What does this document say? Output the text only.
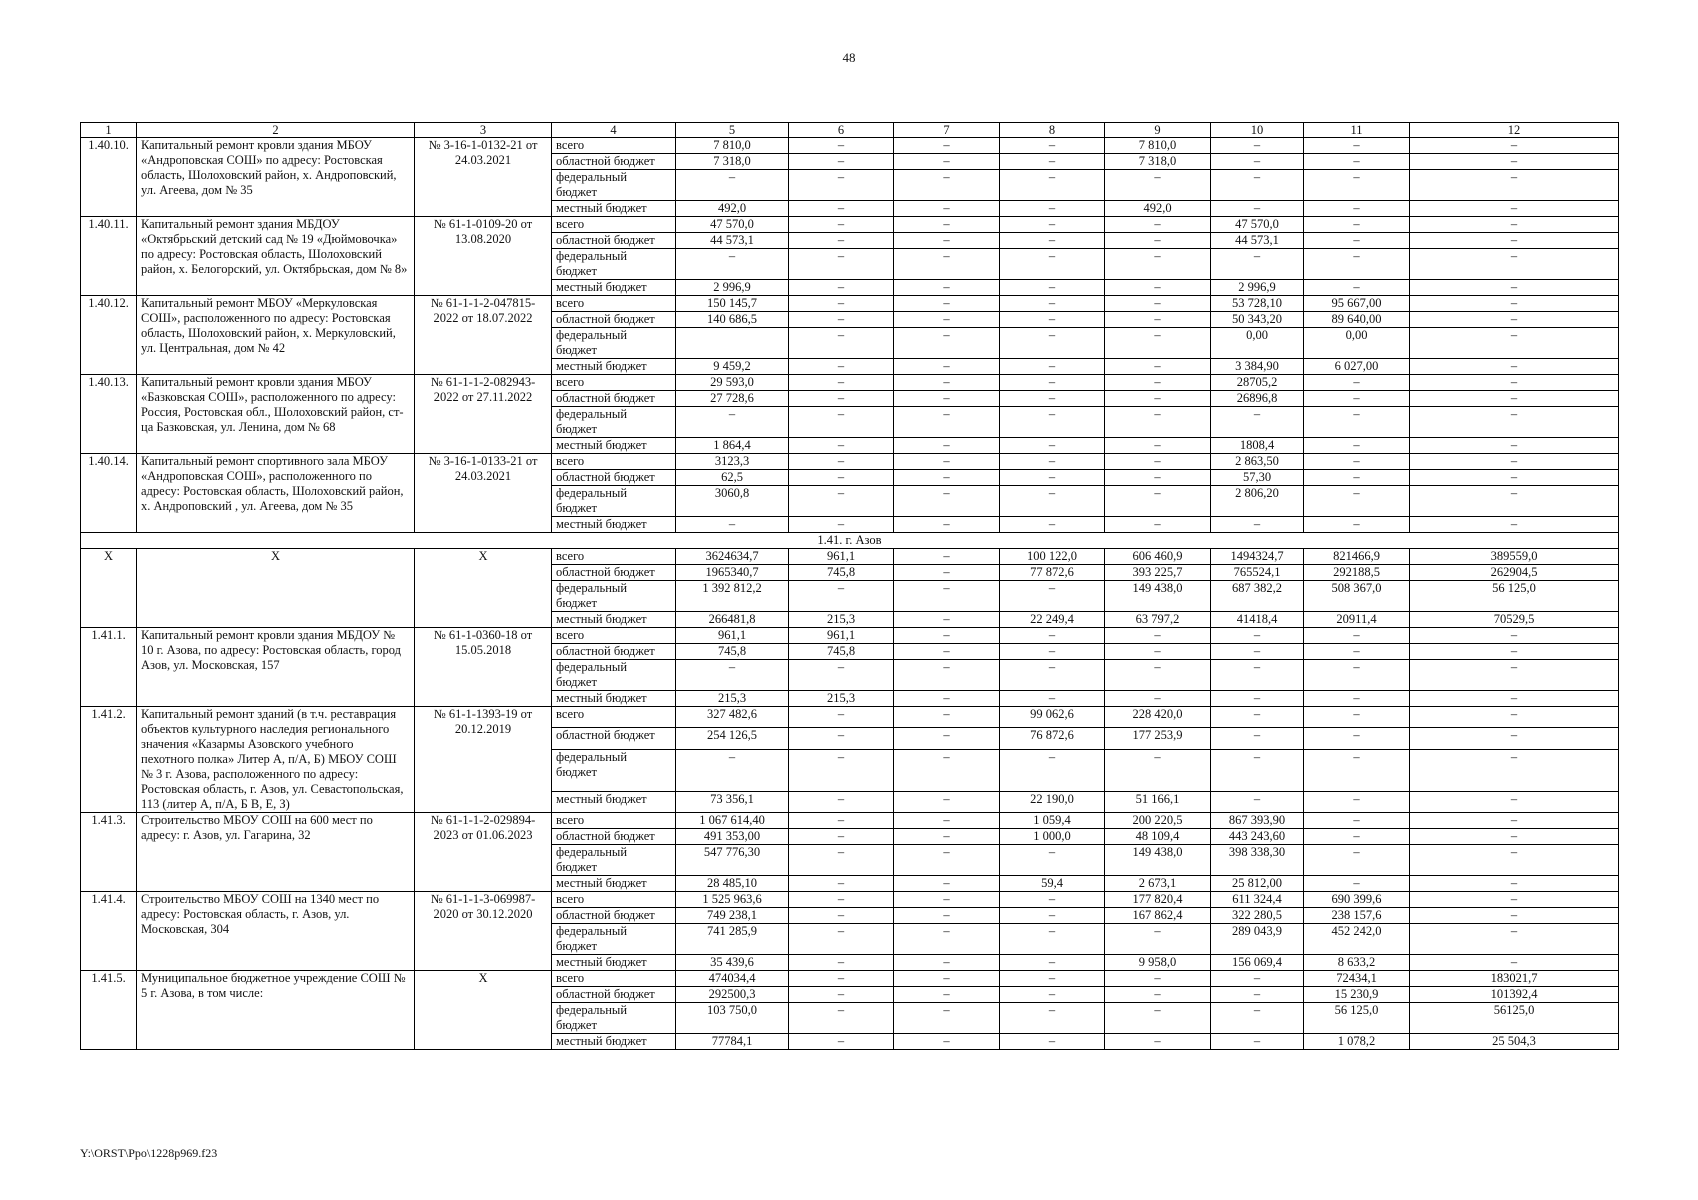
48
1	2	3	4	5	6	7	8	9	10	11	12
1.40.10.	Капитальный ремонт кровли здания МБОУ «Андроповская СОШ» по адресу: Ростовская область, Шолоховский район, х. Андроповский, ул. Агеева, дом № 35	№ 3-16-1-0132-21 от 24.03.2021	всего	7 810,0	–	–	–	7 810,0	–	–	–
			областной бюджет	7 318,0	–	–	–	7 318,0	–	–	–
			федеральный бюджет	–	–	–	–	–	–	–	–
			местный бюджет	492,0	–	–	–	492,0	–	–	–
1.40.11.	Капитальный ремонт здания МБДОУ «Октябрьский детский сад № 19 «Дюймовочка» по адресу: Ростовская область, Шолоховский район, х. Белогорский, ул. Октябрьская, дом № 8»	№ 61-1-0109-20 от 13.08.2020	всего	47 570,0	–	–	–	–	47 570,0	–	–
			областной бюджет	44 573,1	–	–	–	–	44 573,1	–	–
			федеральный бюджет	–	–	–	–	–	–	–	–
			местный бюджет	2 996,9	–	–	–	–	2 996,9	–	–
1.40.12.	Капитальный ремонт МБОУ «Меркуловская СОШ», расположенного по адресу: Ростовская область, Шолоховский район, х. Меркуловский, ул. Центральная, дом № 42	№ 61-1-1-2-047815-2022 от 18.07.2022	всего	150 145,7	–	–	–	–	53 728,10	95 667,00	–
			областной бюджет	140 686,5	–	–	–	–	50 343,20	89 640,00	–
			федеральный бюджет		–	–	–	–	0,00	0,00	–
			местный бюджет	9 459,2	–	–	–	–	3 384,90	6 027,00	–
1.40.13.	Капитальный ремонт кровли здания МБОУ «Базковская СОШ», расположенного по адресу: Россия, Ростовская обл., Шолоховский район, ст-ца Базковская, ул. Ленина, дом № 68	№ 61-1-1-2-082943-2022 от 27.11.2022	всего	29 593,0	–	–	–	–	28705,2	–	–
			областной бюджет	27 728,6	–	–	–	–	26896,8	–	–
			федеральный бюджет	–	–	–	–	–	–	–	–
			местный бюджет	1 864,4	–	–	–	–	1808,4	–	–
1.40.14.	Капитальный ремонт спортивного зала МБОУ «Андроповская СОШ», расположенного по адресу: Ростовская область, Шолоховский район, х. Андроповский , ул. Агеева, дом № 35	№ 3-16-1-0133-21 от 24.03.2021	всего	3123,3	–	–	–	–	2 863,50	–	–
			областной бюджет	62,5	–	–	–	–	57,30	–	–
			федеральный бюджет	3060,8	–	–	–	–	2 806,20	–	–
			местный бюджет	–	–	–	–	–	–	–	–
1.41. г. Азов											
Х	Х	Х	всего	3624634,7	961,1	–	100 122,0	606 460,9	1494324,7	821466,9	389559,0
			областной бюджет	1965340,7	745,8	–	77 872,6	393 225,7	765524,1	292188,5	262904,5
			федеральный бюджет	1 392 812,2	–	–	–	149 438,0	687 382,2	508 367,0	56 125,0
			местный бюджет	266481,8	215,3	–	22 249,4	63 797,2	41418,4	20911,4	70529,5
1.41.1.	Капитальный ремонт кровли здания МБДОУ № 10 г. Азова, по адресу: Ростовская область, город Азов, ул. Московская, 157	№ 61-1-0360-18 от 15.05.2018	всего	961,1	961,1	–	–	–	–	–	–
			областной бюджет	745,8	745,8	–	–	–	–	–	–
			федеральный бюджет	–	–	–	–	–	–	–	–
			местный бюджет	215,3	215,3	–	–	–	–	–	–
1.41.2.	Капитальный ремонт зданий (в т.ч. реставрация объектов культурного наследия регионального значения «Казармы Азовского учебного пехотного полка» Литер А, п/А, Б) МБОУ СОШ № 3 г. Азова, расположенного по адресу: Ростовская область, г. Азов, ул. Севастопольская, 113 (литер А, п/А, Б В, Е, З)	№ 61-1-1393-19 от 20.12.2019	всего	327 482,6	–	–	99 062,6	228 420,0	–	–	–
			областной бюджет	254 126,5	–	–	76 872,6	177 253,9	–	–	–
			федеральный бюджет	–	–	–	–	–	–	–	–
			местный бюджет	73 356,1	–	–	22 190,0	51 166,1	–	–	–
1.41.3.	Строительство МБОУ СОШ на 600 мест по адресу: г. Азов, ул. Гагарина, 32	№ 61-1-1-2-029894-2023 от 01.06.2023	всего	1 067 614,40	–	–	1 059,4	200 220,5	867 393,90	–	–
			областной бюджет	491 353,00	–	–	1 000,0	48 109,4	443 243,60	–	–
			федеральный бюджет	547 776,30	–	–	–	149 438,0	398 338,30	–	–
			местный бюджет	28 485,10	–	–	59,4	2 673,1	25 812,00	–	–
1.41.4.	Строительство МБОУ СОШ на 1340 мест по адресу: Ростовская область, г. Азов, ул. Московская, 304	№ 61-1-1-3-069987-2020 от 30.12.2020	всего	1 525 963,6	–	–	–	177 820,4	611 324,4	690 399,6	–
			областной бюджет	749 238,1	–	–	–	167 862,4	322 280,5	238 157,6	–
			федеральный бюджет	741 285,9	–	–	–	–	289 043,9	452 242,0	–
			местный бюджет	35 439,6	–	–	–	9 958,0	156 069,4	8 633,2	–
1.41.5.	Муниципальное бюджетное учреждение СОШ № 5 г. Азова, в том числе:	Х	всего	474034,4	–	–	–	–	–	72434,1	183021,7
			областной бюджет	292500,3	–	–	–	–	–	15 230,9	101392,4
			федеральный бюджет	103 750,0	–	–	–	–	–	56 125,0	56125,0
			местный бюджет	77784,1	–	–	–	–	–	1 078,2	25 504,3
Y:\ORST\Ppo\1228p969.f23
